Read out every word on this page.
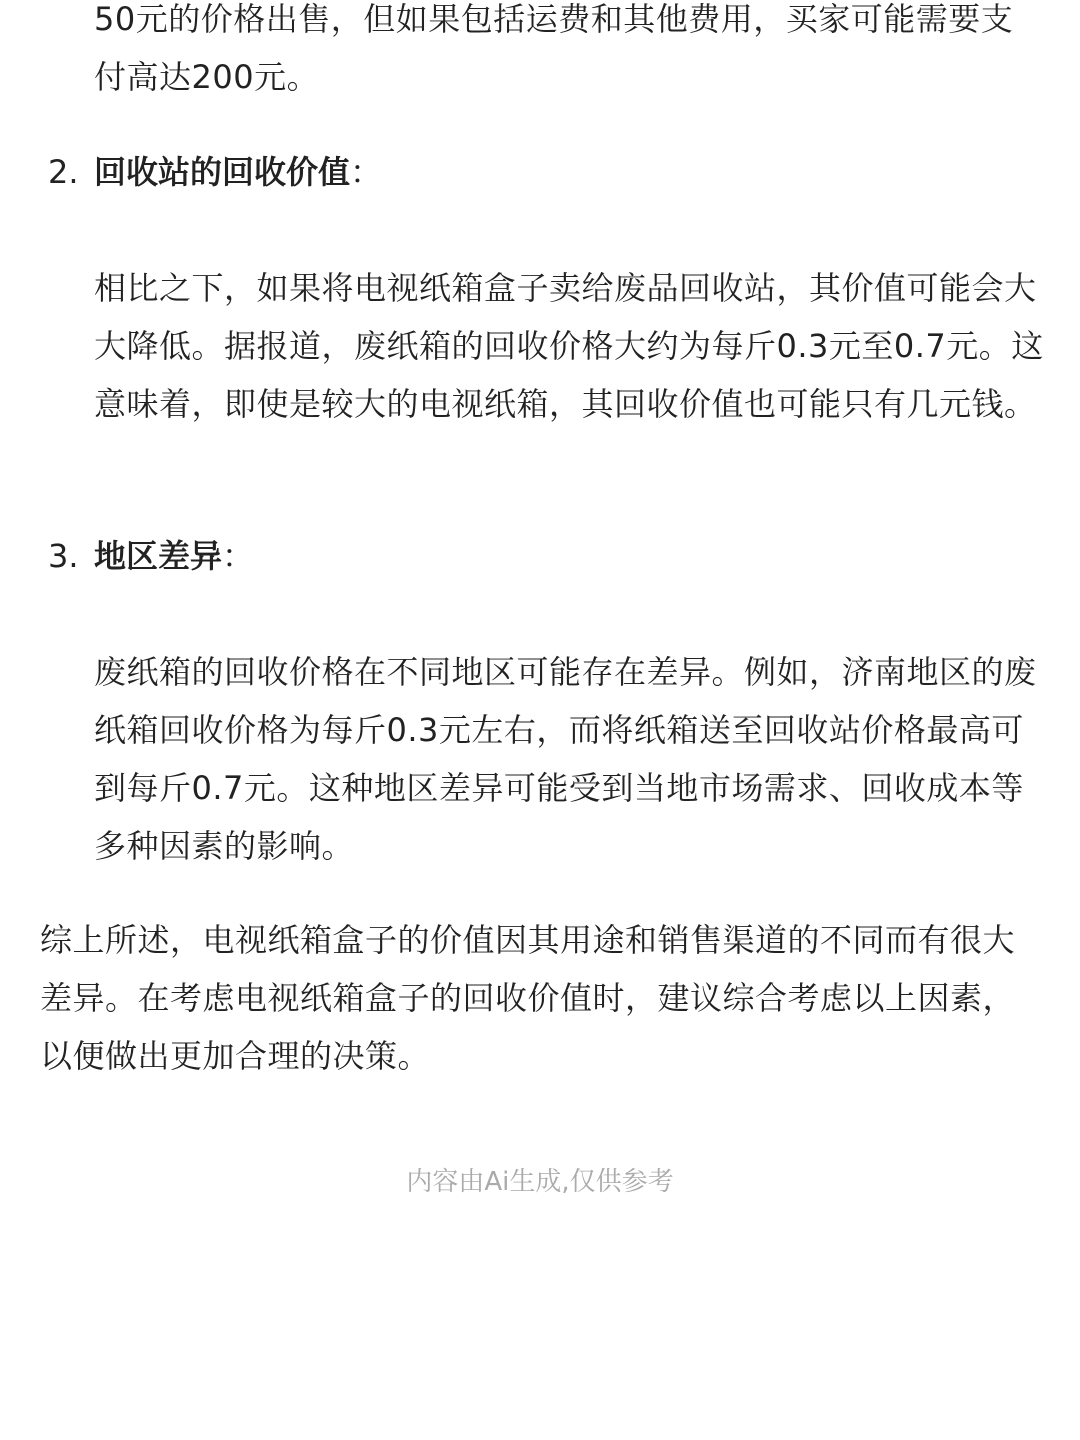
50元的价格出售，但如果包括运费和其他费用，买家可能需要支付高达200元。

2. 回收站的回收价值：

相比之下，如果将电视纸箱盒子卖给废品回收站，其价值可能会大大降低。据报道，废纸箱的回收价格大约为每斤0.3元至0.7元。这意味着，即使是较大的电视纸箱，其回收价值也可能只有几元钱。

3. 地区差异：

废纸箱的回收价格在不同地区可能存在差异。例如，济南地区的废纸箱回收价格为每斤0.3元左右，而将纸箱送至回收站价格最高可到每斤0.7元。这种地区差异可能受到当地市场需求、回收成本等多种因素的影响。

综上所述，电视纸箱盒子的价值因其用途和销售渠道的不同而有很大差异。在考虑电视纸箱盒子的回收价值时，建议综合考虑以上因素，以便做出更加合理的决策。

内容由Ai生成,仅供参考
